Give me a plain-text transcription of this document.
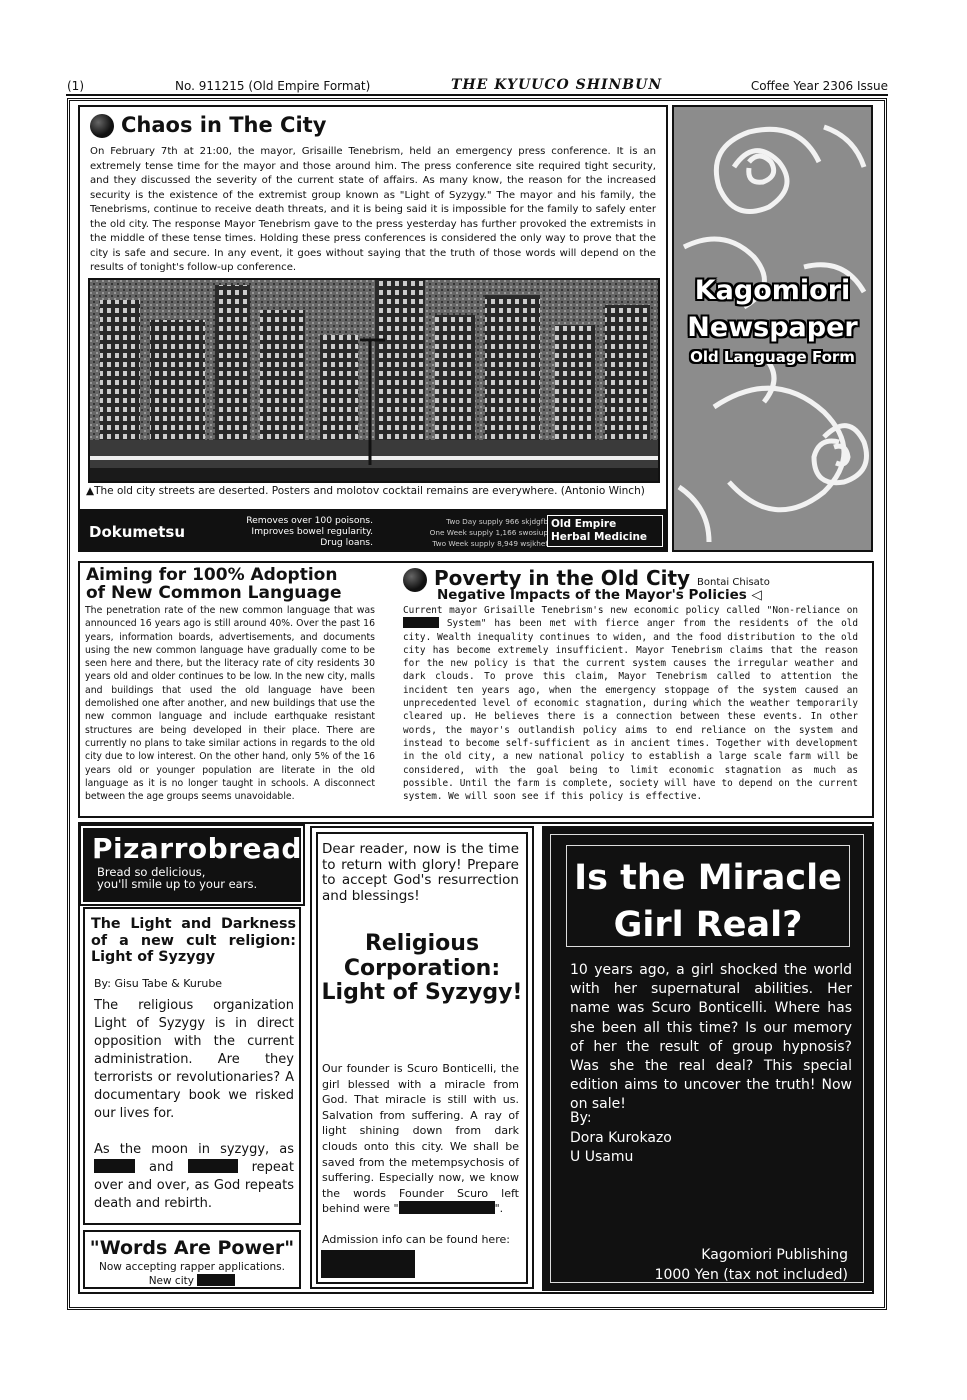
(1)	No. 911215 (Old Empire Format)	THE KYUUCO SHINBUN	Coffee Year 2306 Issue
Chaos in The City
On February 7th at 21:00, the mayor, Grisaille Tenebrism, held an emergency press conference. It is an extremely tense time for the mayor and those around him. The press conference site required tight security, and they discussed the severity of the current state of affairs. As many know, the reason for the increased security is the existence of the extremist group known as "Light of Syzygy." The mayor and his family, the Tenebrisms, continue to receive death threats, and it is being said it is impossible for the family to safely enter the old city. The response Mayor Tenebrism gave to the press yesterday has further provoked the extremists in the middle of these tense times. Holding these press conferences is considered the only way to prove that the city is safe and secure. In any event, it goes without saying that the truth of those words will depend on the results of tonight's follow-up conference.
▲The old city streets are deserted. Posters and molotov cocktail remains are everywhere. (Antonio Winch)
Dokumetsu
Removes over 100 poisons.
Improves bowel regularity.
Drug loans.
Two Day supply 966 skjdgfb
One Week supply 1,166 swosiup
Two Week supply 8,949 wsjkhef
Old Empire
Herbal Medicine
Kagomiori
Newspaper
Old Language Form
Aiming for 100% Adoption
of New Common Language
The penetration rate of the new common language that was announced 16 years ago is still around 40%. Over the past 16 years, information boards, advertisements, and documents using the new common language have gradually come to be seen here and there, but the literacy rate of city residents 30 years old and older continues to be low. In the new city, malls and buildings that used the old language have been demolished one after another, and new buildings that use the new common language and include earthquake resistant structures are being developed in their place. There are currently no plans to take similar actions in regards to the old city due to low interest. On the other hand, only 5% of the 16 years old or younger population are literate in the old language as it is no longer taught in schools. A disconnect between the age groups seems unavoidable.
Poverty in the Old City Bontai Chisato
Negative Impacts of the Mayor's Policies ◁
Current mayor Grisaille Tenebrism's new economic policy called "Non-reliance on  System" has been met with fierce anger from the residents of the old city. Wealth inequality continues to widen, and the food distribution to the old city has become extremely insufficient. Mayor Tenebrism claims that the reason for the new policy is that the current system causes the irregular weather and dark clouds. To prove this claim, Mayor Tenebrism called to attention the incident ten years ago, when the emergency stoppage of the system caused an unprecedented level of economic stagnation, during which the weather temporarily cleared up. He believes there is a connection between these events. In other words, the mayor's outlandish policy aims to end reliance on the system and instead to become self-sufficient as in ancient times. Together with development in the old city, a new national policy to establish a large scale farm will be considered, with the goal being to limit economic stagnation as much as possible. Until the farm is complete, society will have to depend on the current system. We will soon see if this policy is effective.
Pizarrobread
Bread so delicious,
you'll smile up to your ears.
The Light and Darkness of a new cult religion: Light of Syzygy
By: Gisu Tabe & Kurube
The religious organization Light of Syzygy is in direct opposition with the current administration. Are they terrorists or revolutionaries? A documentary book we risked our lives for.
As the moon in syzygy, as  and	repeat over and over, as God repeats death and rebirth.
"Words Are Power"
Now accepting rapper applications.
New city
Dear reader, now is the time to return with glory! Prepare to accept God's resurrection and blessings!
Religious
Corporation:
Light of Syzygy!
Our founder is Scuro Bonticelli, the girl blessed with a miracle from God. That miracle is still with us. Salvation from suffering. A ray of light shining down from dark clouds onto this city. We shall be saved from the metempsychosis of suffering. Especially now, we know the words Founder Scuro left behind were "	".
Admission info can be found here:
Is the Miracle
Girl Real?
10 years ago, a girl shocked the world with her supernatural abilities. Her name was Scuro Bonticelli. Where has she been all this time? Is our memory of her the result of group hypnosis? Was she the real deal? This special edition aims to uncover the truth! Now on sale!
By:
Dora Kurokazo
U Usamu
Kagomiori Publishing
1000 Yen (tax not included)
